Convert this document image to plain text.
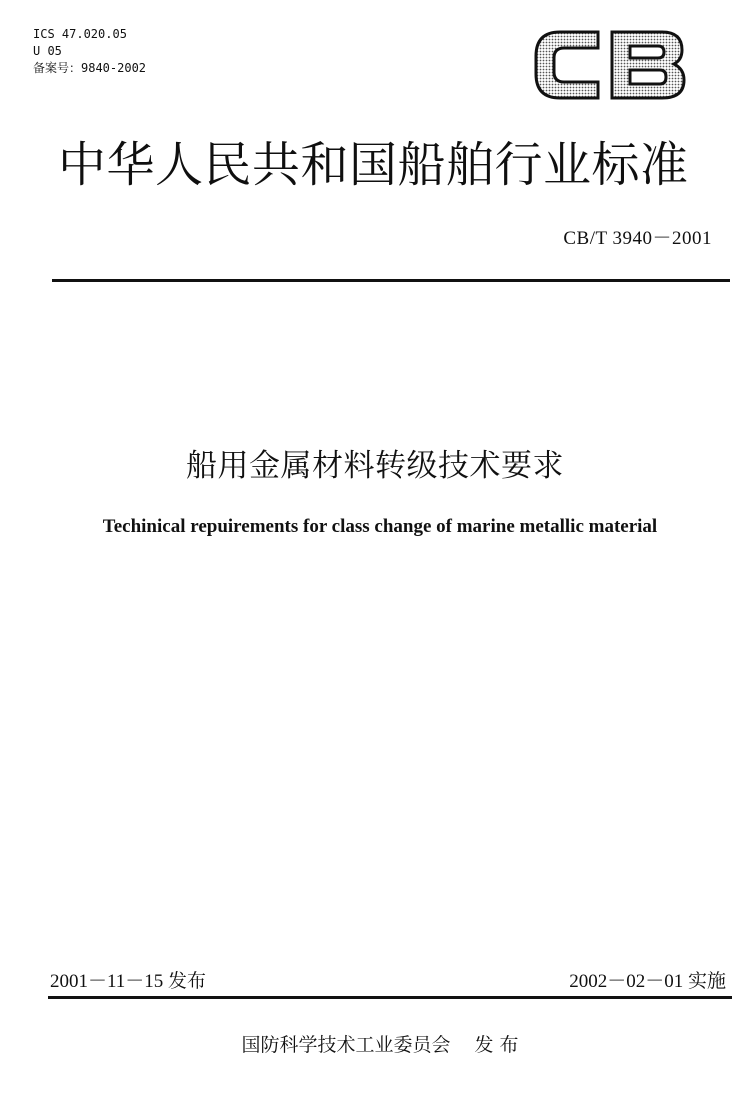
ICS 47.020.05
U 05
备案号：9840-2002
中华人民共和国船舶行业标准
CB/T 3940－2001
船用金属材料转级技术要求
Techinical repuirements for class change of marine metallic material
2001－11－15 发布	2002－02－01 实施
国防科学技术工业委员会 发 布
